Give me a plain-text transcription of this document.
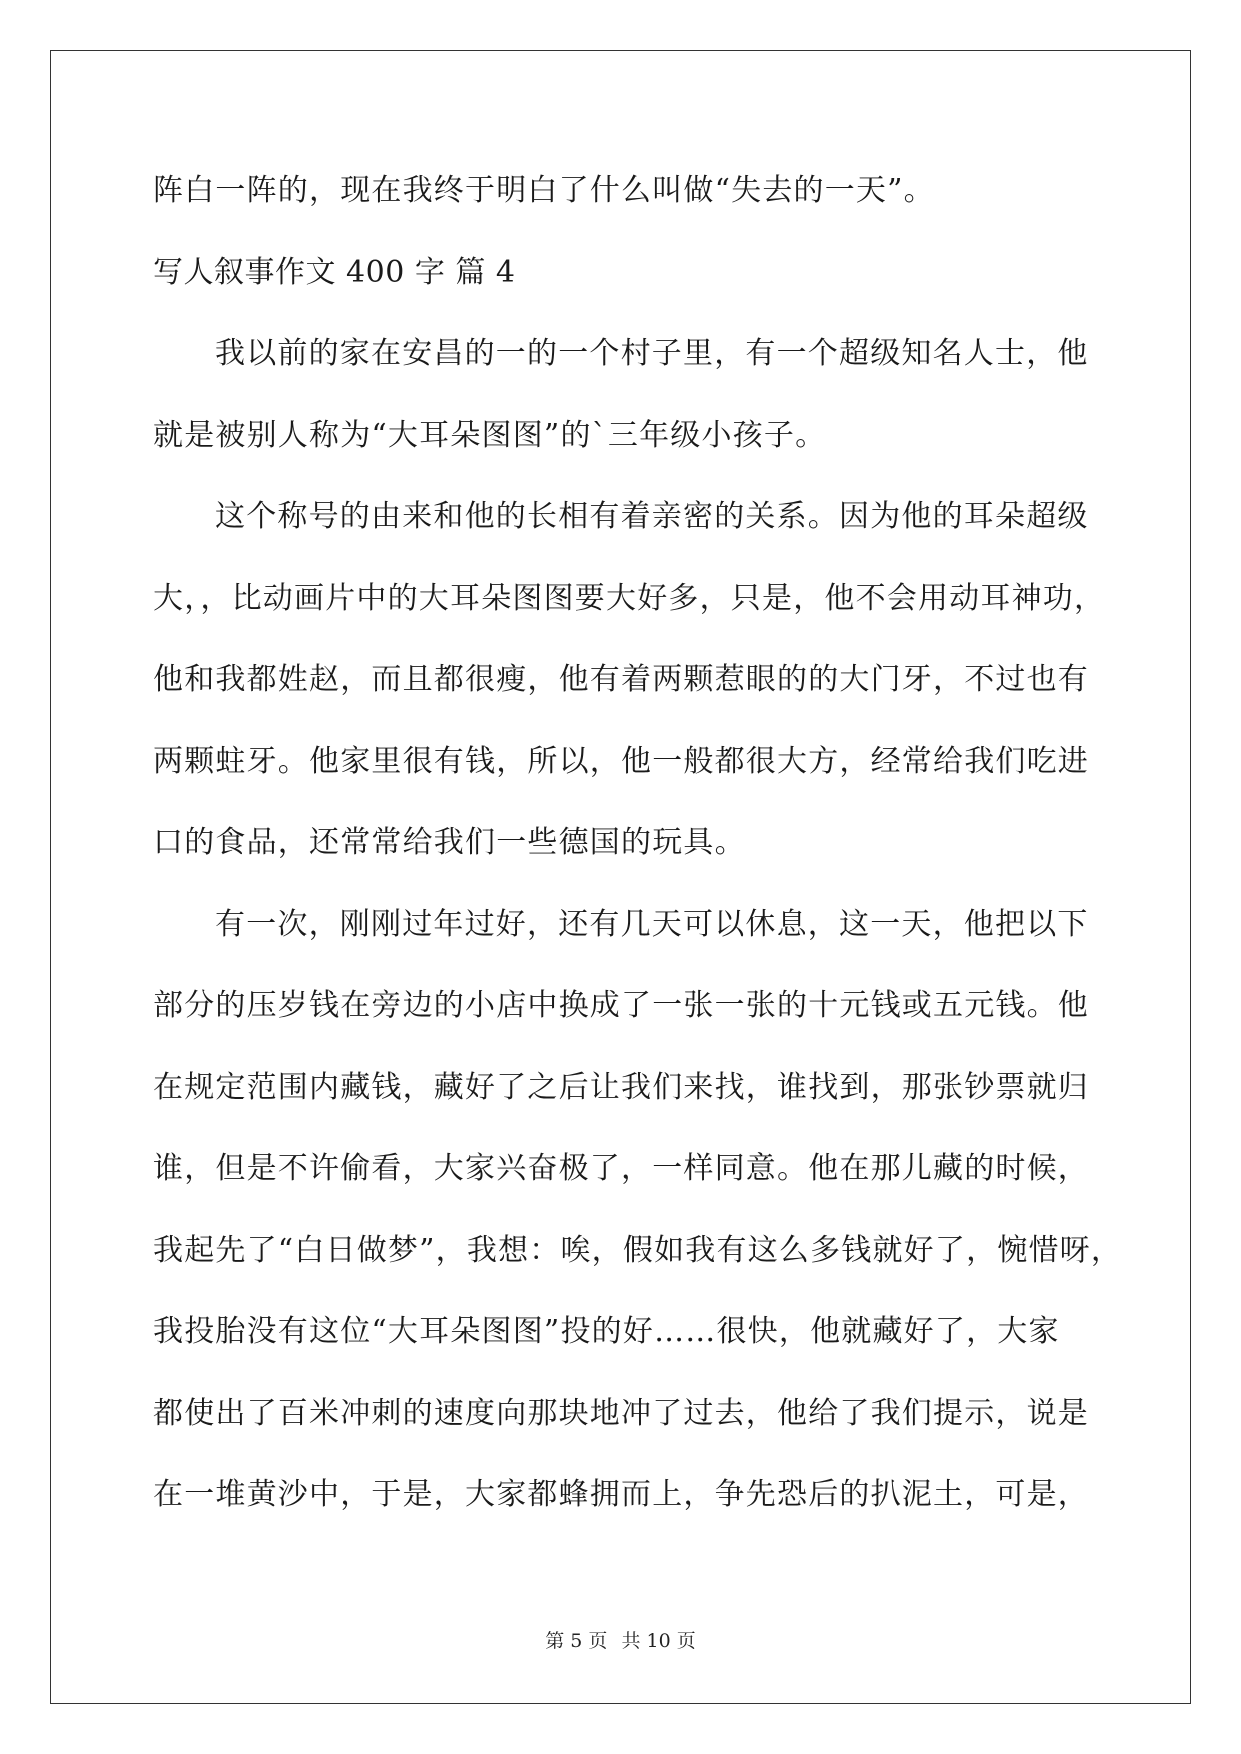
阵白一阵的，现在我终于明白了什么叫做“失去的一天”。
写人叙事作文 400 字 篇 4
我以前的家在安昌的一的一个村子里，有一个超级知名人士，他
就是被别人称为“大耳朵图图”的`三年级小孩子。
这个称号的由来和他的长相有着亲密的关系。因为他的耳朵超级
大，，比动画片中的大耳朵图图要大好多，只是，他不会用动耳神功，
他和我都姓赵，而且都很瘦，他有着两颗惹眼的的大门牙，不过也有
两颗蛀牙。他家里很有钱，所以，他一般都很大方，经常给我们吃进
口的食品，还常常给我们一些德国的玩具。
有一次，刚刚过年过好，还有几天可以休息，这一天，他把以下
部分的压岁钱在旁边的小店中换成了一张一张的十元钱或五元钱。他
在规定范围内藏钱，藏好了之后让我们来找，谁找到，那张钞票就归
谁，但是不许偷看，大家兴奋极了，一样同意。他在那儿藏的时候，
我起先了“白日做梦”，我想：唉，假如我有这么多钱就好了，惋惜呀，
我投胎没有这位“大耳朵图图”投的好……很快，他就藏好了，大家
都使出了百米冲刺的速度向那块地冲了过去，他给了我们提示，说是
在一堆黄沙中，于是，大家都蜂拥而上，争先恐后的扒泥土，可是，
第 5 页 共 10 页
